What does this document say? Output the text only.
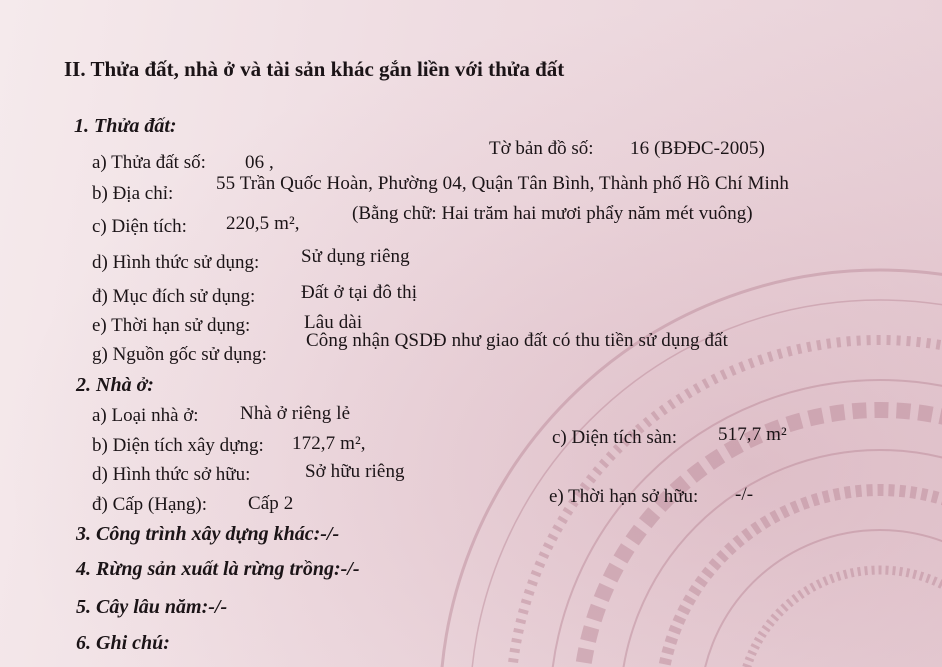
II. Thửa đất, nhà ở và tài sản khác gắn liền với thửa đất
1. Thửa đất:
a) Thửa đất số: 06 ,
Tờ bản đồ số: 16 (BĐĐC-2005)
b) Địa chỉ: 55 Trần Quốc Hoàn, Phường 04, Quận Tân Bình, Thành phố Hồ Chí Minh
c) Diện tích: 220,5 m²,	(Bằng chữ: Hai trăm hai mươi phẩy năm mét vuông)
d) Hình thức sử dụng: Sử dụng riêng
đ) Mục đích sử dụng: Đất ở tại đô thị
e) Thời hạn sử dụng:	Lâu dài
g) Nguồn gốc sử dụng:
Công nhận QSDĐ như giao đất có thu tiền sử dụng đất
2. Nhà ở:
a) Loại nhà ở: Nhà ở riêng lẻ
b) Diện tích xây dựng: 172,7 m²,	c) Diện tích sàn: 517,7 m²
d) Hình thức sở hữu:	Sở hữu riêng
đ) Cấp (Hạng): Cấp 2	e) Thời hạn sở hữu: -/-
3. Công trình xây dựng khác:-/-
4. Rừng sản xuất là rừng trồng:-/-
5. Cây lâu năm:-/-
6. Ghi chú:
